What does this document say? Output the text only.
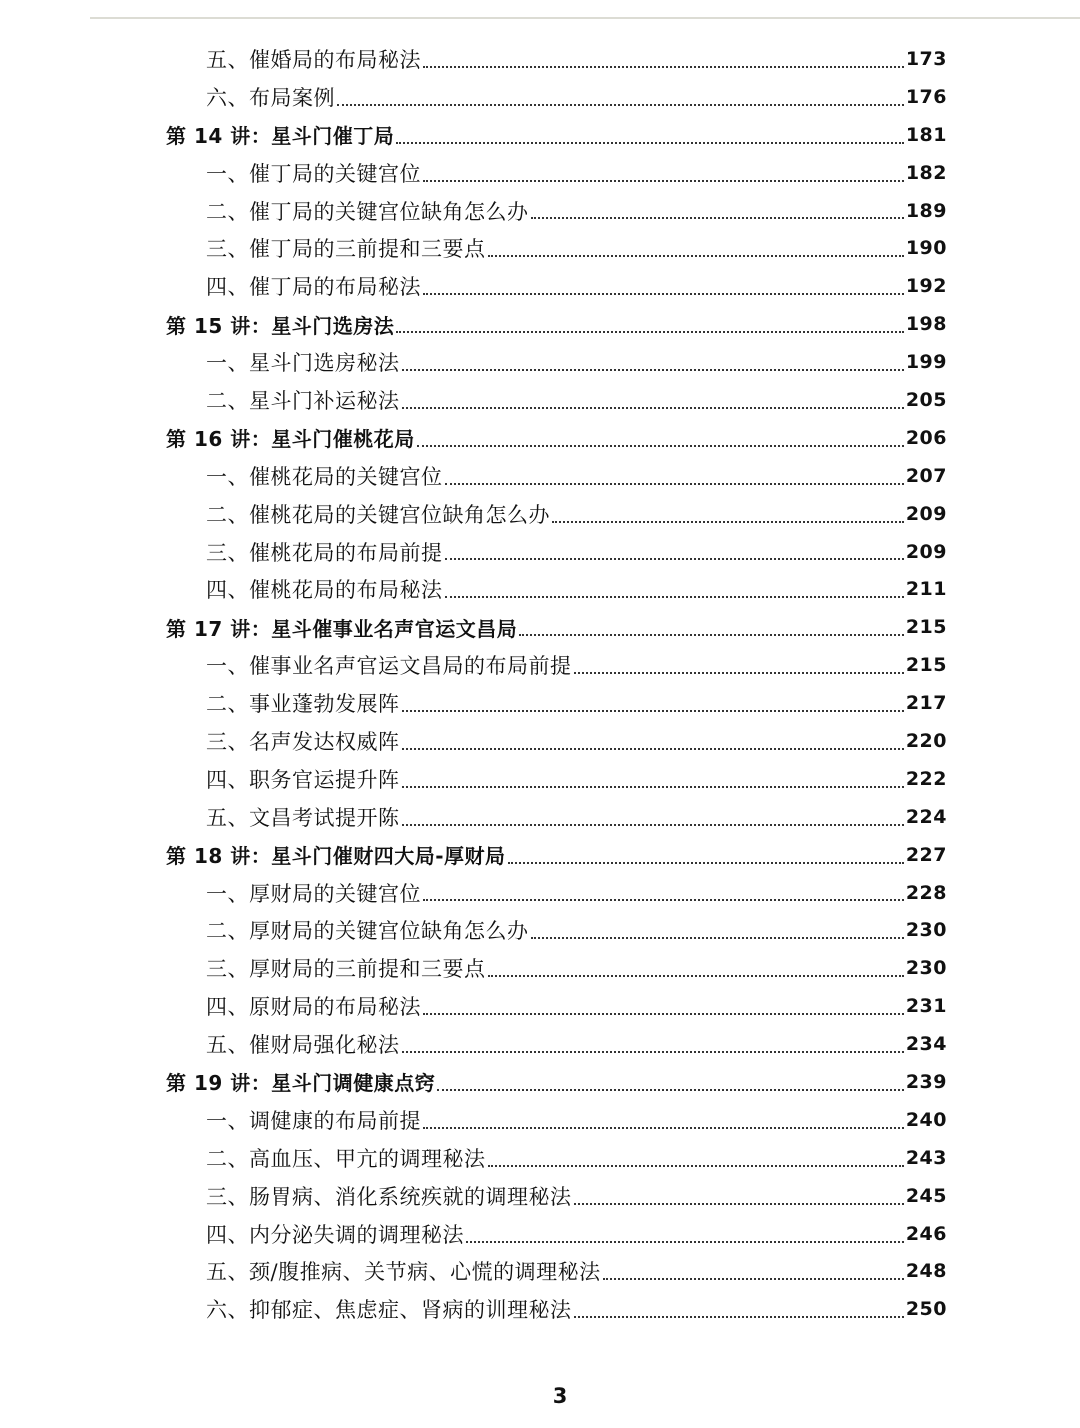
五、催婚局的布局秘法	173
六、布局案例	176
第 14 讲：星斗门催丁局	181
一、催丁局的关键宫位	182
二、催丁局的关键宫位缺角怎么办	189
三、催丁局的三前提和三要点	190
四、催丁局的布局秘法	192
第 15 讲：星斗门选房法	198
一、星斗门选房秘法	199
二、星斗门补运秘法	205
第 16 讲：星斗门催桃花局	206
一、催桃花局的关键宫位	207
二、催桃花局的关键宫位缺角怎么办	209
三、催桃花局的布局前提	209
四、催桃花局的布局秘法	211
第 17 讲：星斗催事业名声官运文昌局	215
一、催事业名声官运文昌局的布局前提	215
二、事业蓬勃发展阵	217
三、名声发达权威阵	220
四、职务官运提升阵	222
五、文昌考试提开陈	224
第 18 讲：星斗门催财四大局-厚财局	227
一、厚财局的关键宫位	228
二、厚财局的关键宫位缺角怎么办	230
三、厚财局的三前提和三要点	230
四、原财局的布局秘法	231
五、催财局强化秘法	234
第 19 讲：星斗门调健康点窍	239
一、调健康的布局前提	240
二、高血压、甲亢的调理秘法	243
三、肠胃病、消化系统疾就的调理秘法	245
四、内分泌失调的调理秘法	246
五、颈/腹推病、关节病、心慌的调理秘法	248
六、抑郁症、焦虑症、肾病的训理秘法	250
3
